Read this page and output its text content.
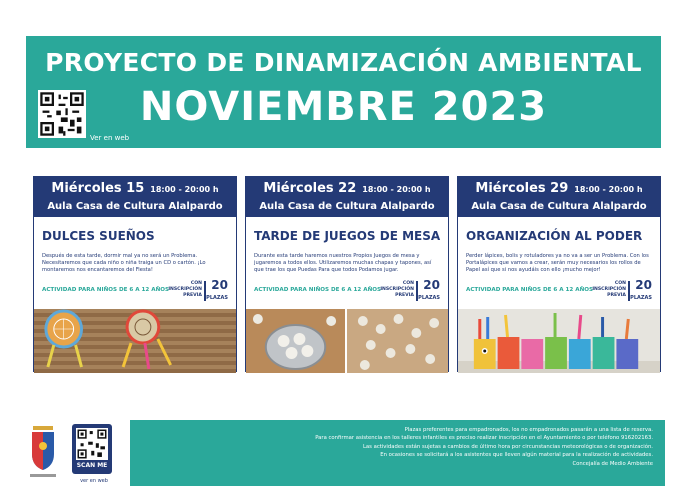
PROYECTO DE DINAMIZACIÓN AMBIENTAL
NOVIEMBRE 2023
Ver en web
Miércoles 15 18:00 - 20:00 h
Aula Casa de Cultura Alalpardo
DULCES SUEÑOS
Después de esta tarde, dormir mal ya no será un Problema. Necesitaremos que cada niño o niña traiga un CD o cartón. ¡Lo montaremos nos encantaremos del Fiesta!
ACTIVIDAD PARA NIÑOS DE 6 A 12 AÑOS
CON INSCRIPCIÓN PREVIA
20
PLAZAS
Miércoles 22 18:00 - 20:00 h
Aula Casa de Cultura Alalpardo
TARDE DE JUEGOS DE MESA
Durante esta tarde haremos nuestros Propios Juegos de mesa y jugaremos a todos ellos. Utilizaremos muchas chapas y tapones, así que trae los que Puedas Para que todos Podamos jugar.
ACTIVIDAD PARA NIÑOS DE 6 A 12 AÑOS
CON INSCRIPCIÓN PREVIA
20
PLAZAS
Miércoles 29 18:00 - 20:00 h
Aula Casa de Cultura Alalpardo
ORGANIZACIÓN AL PODER
Perder lápices, bolis y rotuladores ya no va a ser un Problema. Con los Portalápices que vamos a crear, serán muy necesarios los rollos de Papel así que si nos ayudáis con ello ¡mucho mejor!
ACTIVIDAD PARA NIÑOS DE 6 A 12 AÑOS
CON INSCRIPCIÓN PREVIA
20
PLAZAS
SCAN ME
ver en web
Plazas preferentes para empadronados, los no empadronados pasarán a una lista de reserva.
Para confirmar asistencia en los talleres infantiles es preciso realizar inscripción en el Ayuntamiento o por teléfono 916202163.
Las actividades están sujetas a cambios de último hora por circunstancias meteorológicas o de organización.
En ocasiones se solicitará a los asistentes que lleven algún material para la realización de actividades.
Concejalía de Medio Ambiente
